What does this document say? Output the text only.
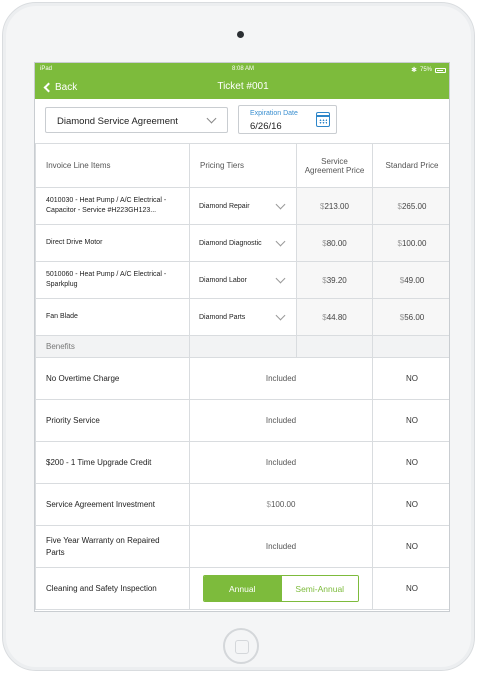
iPad	8:08 AM	✱ 75%
Back	Ticket #001
Diamond Service Agreement
Expiration Date
6/26/16
Invoice Line Items	Pricing Tiers	Service Agreement Price	Standard Price
4010030 - Heat Pump / A/C Electrical - Capacitor - Service #H223GH123...	Diamond Repair	$213.00	$265.00
Direct Drive Motor	Diamond Diagnostic	$80.00	$100.00
5010060 - Heat Pump / A/C Electrical - Sparkplug	Diamond Labor	$39.20	$49.00
Fan Blade	Diamond Parts	$44.80	$56.00
Benefits			
No Overtime Charge	Included		NO
Priority Service	Included		NO
$200 - 1 Time Upgrade Credit	Included		NO
Service Agreement Investment	$100.00		NO
Five Year Warranty on Repaired Parts	Included		NO
Cleaning and Safety Inspection	Annual Semi-Annual		NO
